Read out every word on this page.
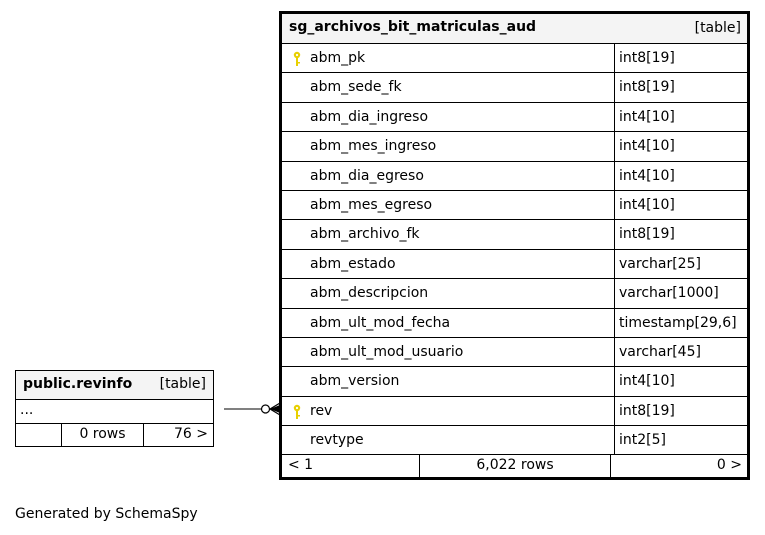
sg_archivos_bit_matriculas_aud	[table]
abm_pk	int8[19]
abm_sede_fk	int8[19]
abm_dia_ingreso	int4[10]
abm_mes_ingreso	int4[10]
abm_dia_egreso	int4[10]
abm_mes_egreso	int4[10]
abm_archivo_fk	int8[19]
abm_estado	varchar[25]
abm_descripcion	varchar[1000]
abm_ult_mod_fecha	timestamp[29,6]
abm_ult_mod_usuario	varchar[45]
abm_version	int4[10]
rev	int8[19]
revtype	int2[5]
< 1	6,022 rows	0 >
public.revinfo [table]
...
0 rows	76 >
Generated by SchemaSpy
